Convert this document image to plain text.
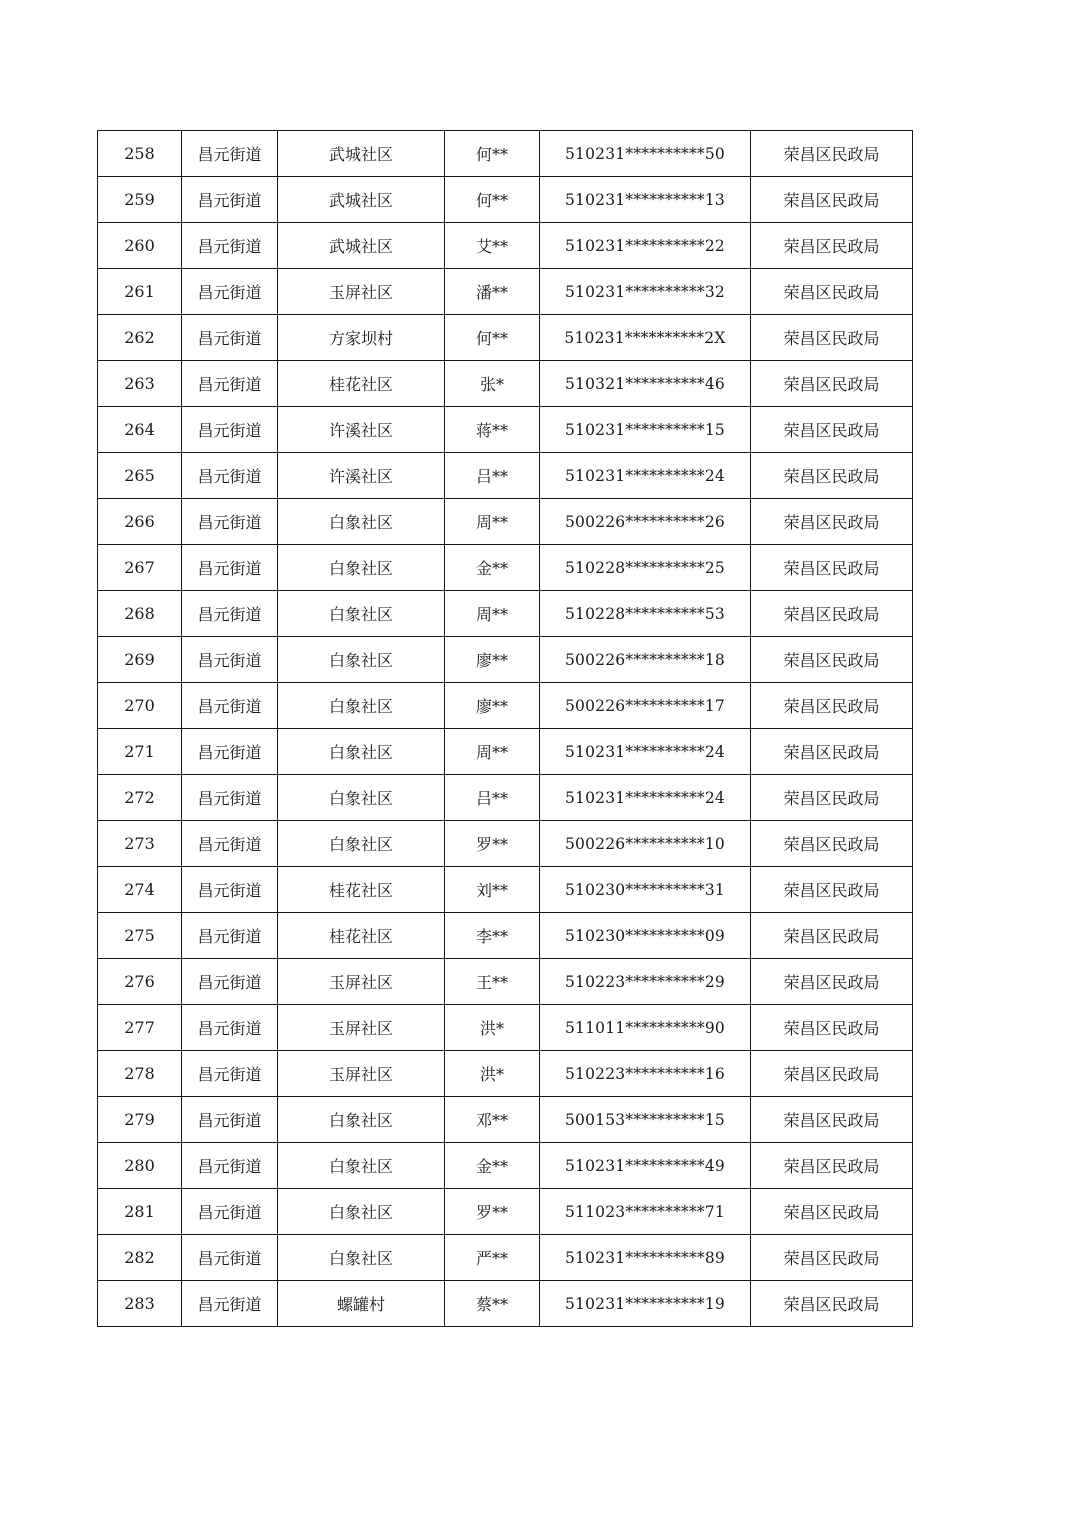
258	昌元街道	武城社区	何**	510231**********50	荣昌区民政局
259	昌元街道	武城社区	何**	510231**********13	荣昌区民政局
260	昌元街道	武城社区	艾**	510231**********22	荣昌区民政局
261	昌元街道	玉屏社区	潘**	510231**********32	荣昌区民政局
262	昌元街道	方家坝村	何**	510231**********2X	荣昌区民政局
263	昌元街道	桂花社区	张*	510321**********46	荣昌区民政局
264	昌元街道	许溪社区	蒋**	510231**********15	荣昌区民政局
265	昌元街道	许溪社区	吕**	510231**********24	荣昌区民政局
266	昌元街道	白象社区	周**	500226**********26	荣昌区民政局
267	昌元街道	白象社区	金**	510228**********25	荣昌区民政局
268	昌元街道	白象社区	周**	510228**********53	荣昌区民政局
269	昌元街道	白象社区	廖**	500226**********18	荣昌区民政局
270	昌元街道	白象社区	廖**	500226**********17	荣昌区民政局
271	昌元街道	白象社区	周**	510231**********24	荣昌区民政局
272	昌元街道	白象社区	吕**	510231**********24	荣昌区民政局
273	昌元街道	白象社区	罗**	500226**********10	荣昌区民政局
274	昌元街道	桂花社区	刘**	510230**********31	荣昌区民政局
275	昌元街道	桂花社区	李**	510230**********09	荣昌区民政局
276	昌元街道	玉屏社区	王**	510223**********29	荣昌区民政局
277	昌元街道	玉屏社区	洪*	511011**********90	荣昌区民政局
278	昌元街道	玉屏社区	洪*	510223**********16	荣昌区民政局
279	昌元街道	白象社区	邓**	500153**********15	荣昌区民政局
280	昌元街道	白象社区	金**	510231**********49	荣昌区民政局
281	昌元街道	白象社区	罗**	511023**********71	荣昌区民政局
282	昌元街道	白象社区	严**	510231**********89	荣昌区民政局
283	昌元街道	螺罐村	蔡**	510231**********19	荣昌区民政局
